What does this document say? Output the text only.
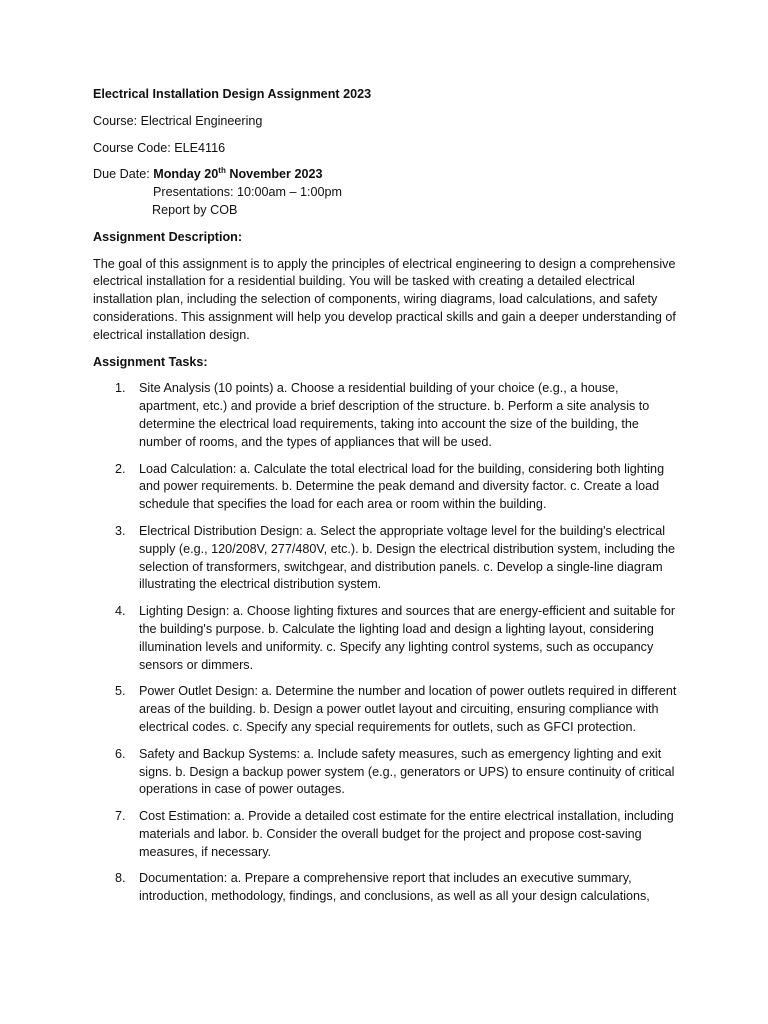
Electrical Installation Design Assignment 2023

Course: Electrical Engineering

Course Code: ELE4116

Due Date: Monday 20th November 2023

Presentations: 10:00am – 1:00pm

Report by COB

Assignment Description:

The goal of this assignment is to apply the principles of electrical engineering to design a comprehensive electrical installation for a residential building. You will be tasked with creating a detailed electrical installation plan, including the selection of components, wiring diagrams, load calculations, and safety considerations. This assignment will help you develop practical skills and gain a deeper understanding of electrical installation design.

Assignment Tasks:

1. Site Analysis (10 points) a. Choose a residential building of your choice (e.g., a house, apartment, etc.) and provide a brief description of the structure. b. Perform a site analysis to determine the electrical load requirements, taking into account the size of the building, the number of rooms, and the types of appliances that will be used.
2. Load Calculation: a. Calculate the total electrical load for the building, considering both lighting and power requirements. b. Determine the peak demand and diversity factor. c. Create a load schedule that specifies the load for each area or room within the building.
3. Electrical Distribution Design: a. Select the appropriate voltage level for the building's electrical supply (e.g., 120/208V, 277/480V, etc.). b. Design the electrical distribution system, including the selection of transformers, switchgear, and distribution panels. c. Develop a single-line diagram illustrating the electrical distribution system.
4. Lighting Design: a. Choose lighting fixtures and sources that are energy-efficient and suitable for the building's purpose. b. Calculate the lighting load and design a lighting layout, considering illumination levels and uniformity. c. Specify any lighting control systems, such as occupancy sensors or dimmers.
5. Power Outlet Design: a. Determine the number and location of power outlets required in different areas of the building. b. Design a power outlet layout and circuiting, ensuring compliance with electrical codes. c. Specify any special requirements for outlets, such as GFCI protection.
6. Safety and Backup Systems: a. Include safety measures, such as emergency lighting and exit signs. b. Design a backup power system (e.g., generators or UPS) to ensure continuity of critical operations in case of power outages.
7. Cost Estimation: a. Provide a detailed cost estimate for the entire electrical installation, including materials and labor. b. Consider the overall budget for the project and propose cost-saving measures, if necessary.
8. Documentation: a. Prepare a comprehensive report that includes an executive summary, introduction, methodology, findings, and conclusions, as well as all your design calculations,
